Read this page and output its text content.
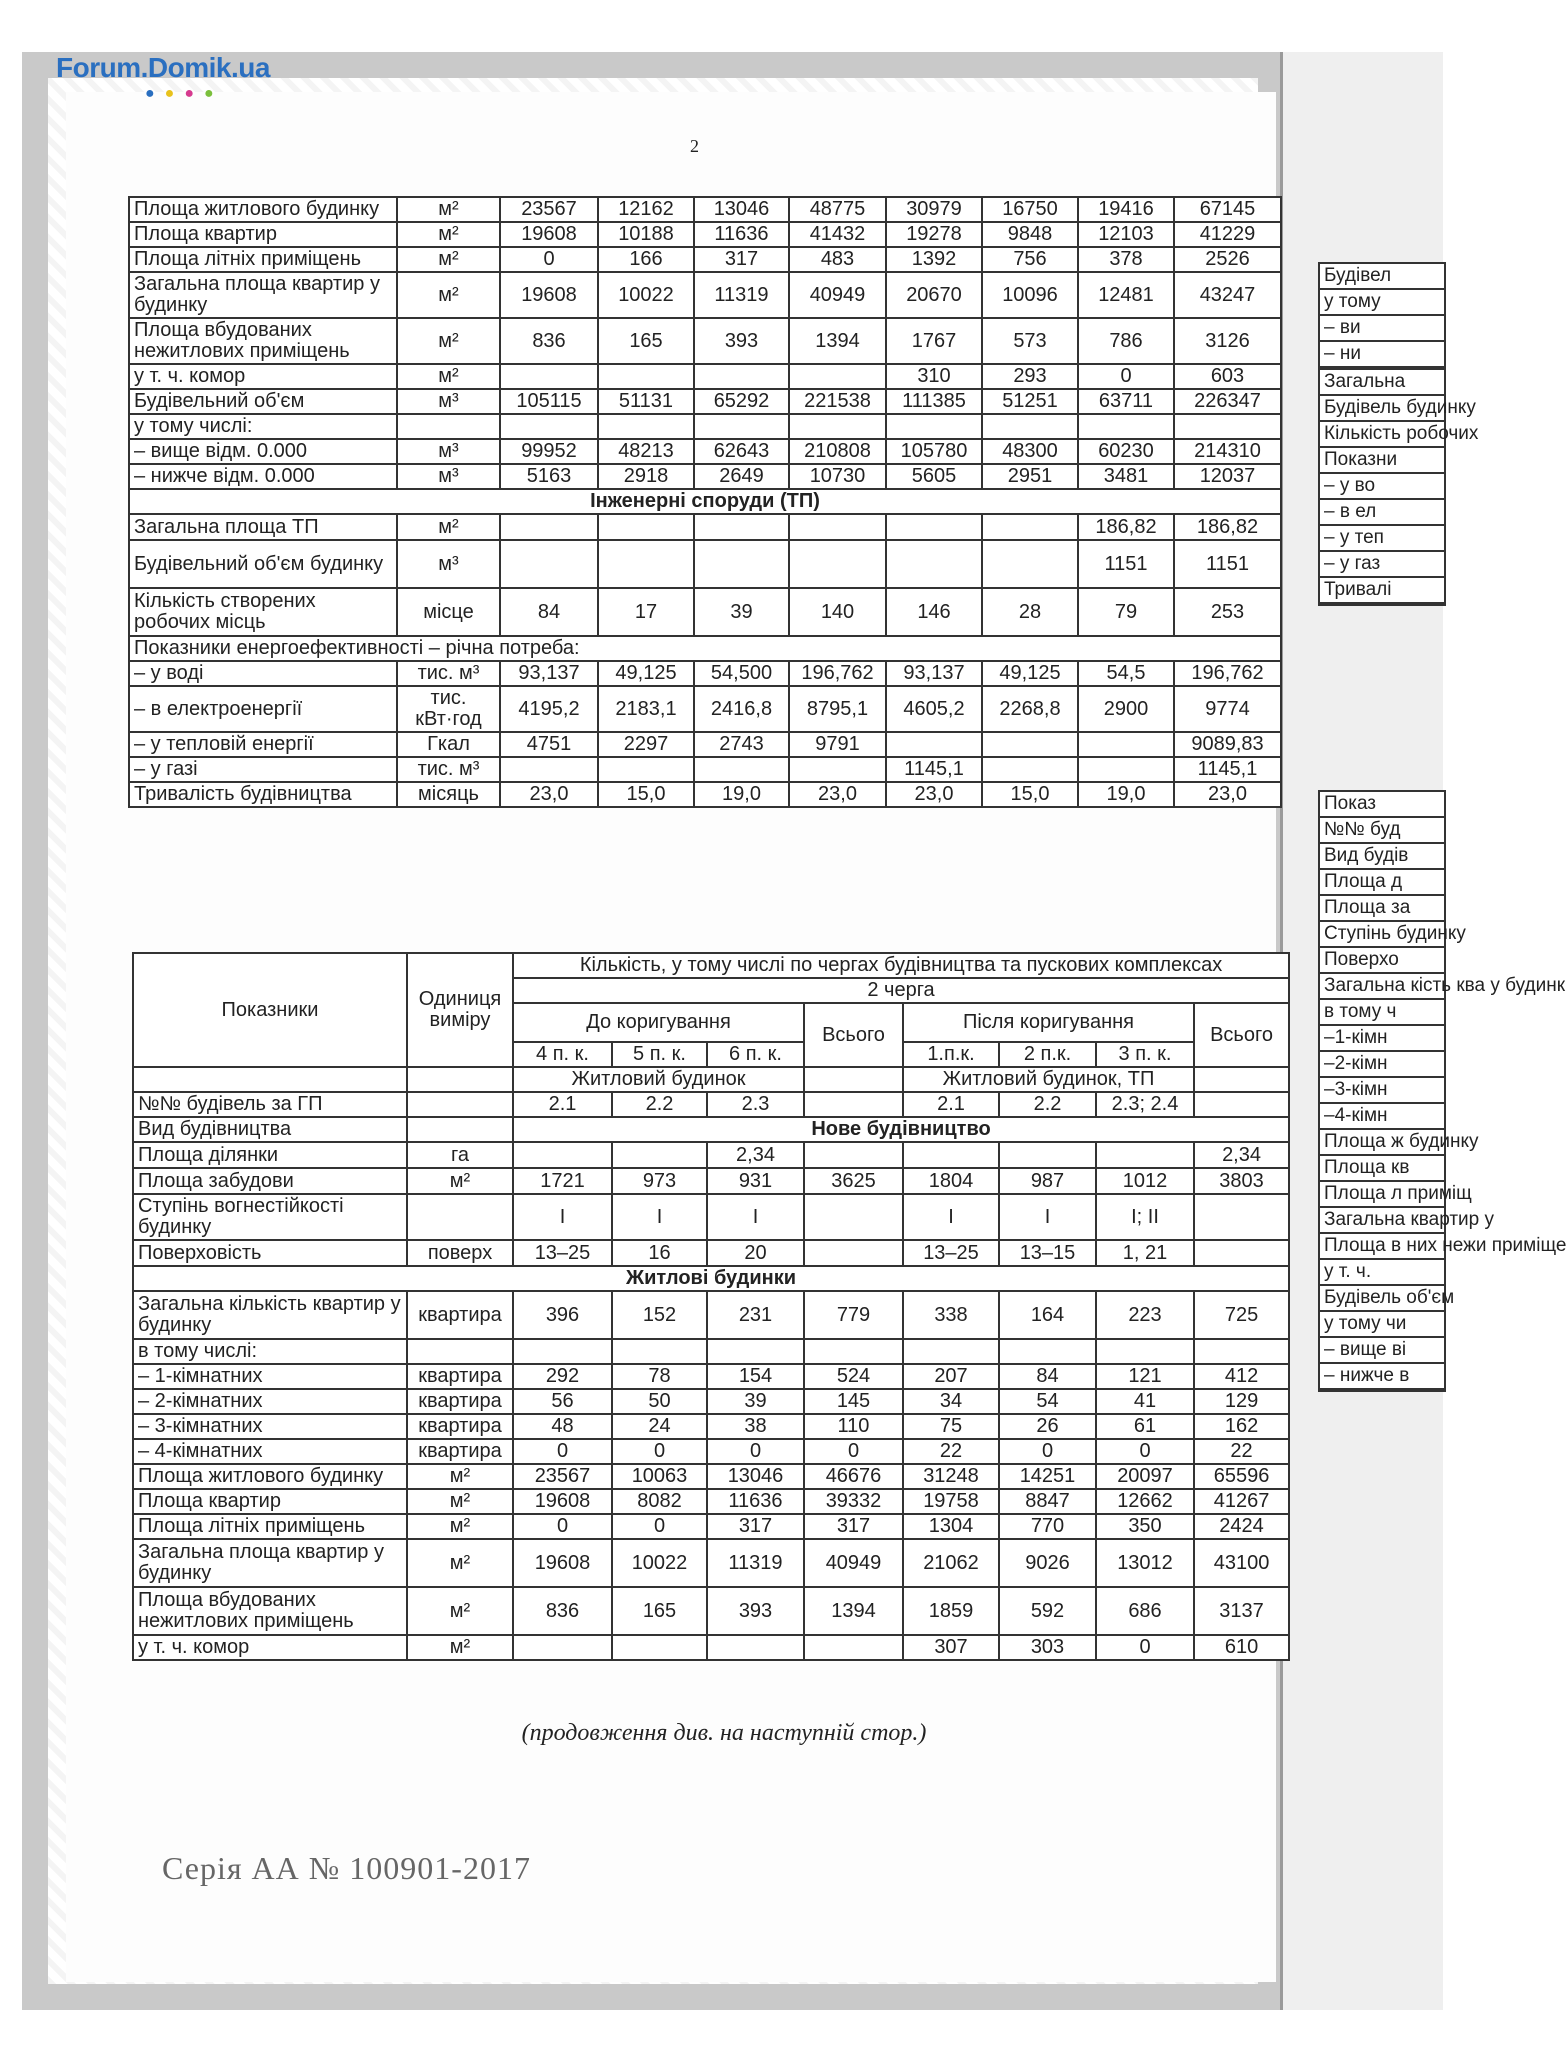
Forum.Domik.ua
●●●●
2
Площа житлового будинку	м²	23567	12162	13046	48775	30979	16750	19416	67145
Площа квартир	м²	19608	10188	11636	41432	19278	9848	12103	41229
Площа літніх приміщень	м²	0	166	317	483	1392	756	378	2526
Загальна площа квартир у будинку	м²	19608	10022	11319	40949	20670	10096	12481	43247
Площа вбудованих нежитлових приміщень	м²	836	165	393	1394	1767	573	786	3126
у т. ч. комор	м²					310	293	0	603
Будівельний об'єм	м³	105115	51131	65292	221538	111385	51251	63711	226347
у тому числі:									
– вище відм. 0.000	м³	99952	48213	62643	210808	105780	48300	60230	214310
– нижче відм. 0.000	м³	5163	2918	2649	10730	5605	2951	3481	12037
Інженерні споруди (ТП)									
Загальна площа ТП	м²							186,82	186,82
Будівельний об'єм будинку	м³							1151	1151
Кількість створених робочих місць	місце	84	17	39	140	146	28	79	253
Показники енергоефективності – річна потреба:									
– у воді	тис. м³	93,137	49,125	54,500	196,762	93,137	49,125	54,5	196,762
– в електроенергії	тис. кВт·год	4195,2	2183,1	2416,8	8795,1	4605,2	2268,8	2900	9774
– у тепловій енергії	Гкал	4751	2297	2743	9791				9089,83
– у газі	тис. м³					1145,1			1145,1
Тривалість будівництва	місяць	23,0	15,0	19,0	23,0	23,0	15,0	19,0	23,0
Показники	Одиниця виміру	Кількість, у тому числі по чергах будівництва та пускових комплексах							
		2 черга							
		До коригування			Всього	Після коригування			Всього
		4 п. к.	5 п. к.	6 п. к.		1.п.к.	2 п.к.	3 п. к.	
		Житловий будинок				Житловий будинок, ТП			
№№ будівель за ГП		2.1	2.2	2.3		2.1	2.2	2.3; 2.4	
Вид будівництва		Нове будівництво							
Площа ділянки	га			2,34					2,34
Площа забудови	м²	1721	973	931	3625	1804	987	1012	3803
Ступінь вогнестійкості будинку		І	І	І		І	І	І; ІІ	
Поверховість	поверх	13–25	16	20		13–25	13–15	1, 21	
Житлові будинки									
Загальна кількість квартир у будинку	квартира	396	152	231	779	338	164	223	725
в тому числі:									
– 1-кімнатних	квартира	292	78	154	524	207	84	121	412
– 2-кімнатних	квартира	56	50	39	145	34	54	41	129
– 3-кімнатних	квартира	48	24	38	110	75	26	61	162
– 4-кімнатних	квартира	0	0	0	0	22	0	0	22
Площа житлового будинку	м²	23567	10063	13046	46676	31248	14251	20097	65596
Площа квартир	м²	19608	8082	11636	39332	19758	8847	12662	41267
Площа літніх приміщень	м²	0	0	317	317	1304	770	350	2424
Загальна площа квартир у будинку	м²	19608	10022	11319	40949	21062	9026	13012	43100
Площа вбудованих нежитлових приміщень	м²	836	165	393	1394	1859	592	686	3137
у т. ч. комор	м²					307	303	0	610
(продовження див. на наступній стор.)
Серія АА № 100901-2017
Будівел
у тому
– ви
– ни
Загальна
Будівель будинку
Кількість робочих
Показни
– у во
– в ел
– у теп
– у газ
Тривалі
Показ
№№ буд
Вид будів
Площа д
Площа за
Ступінь будинку
Поверхо
Загальна кість ква у будинк
в тому ч
–1-кімн
–2-кімн
–3-кімн
–4-кімн
Площа ж будинку
Площа кв
Площа л приміщ
Загальна квартир у
Площа в них нежи приміще
у т. ч.
Будівель об'єм
у тому чи
– вище ві
– нижче в
